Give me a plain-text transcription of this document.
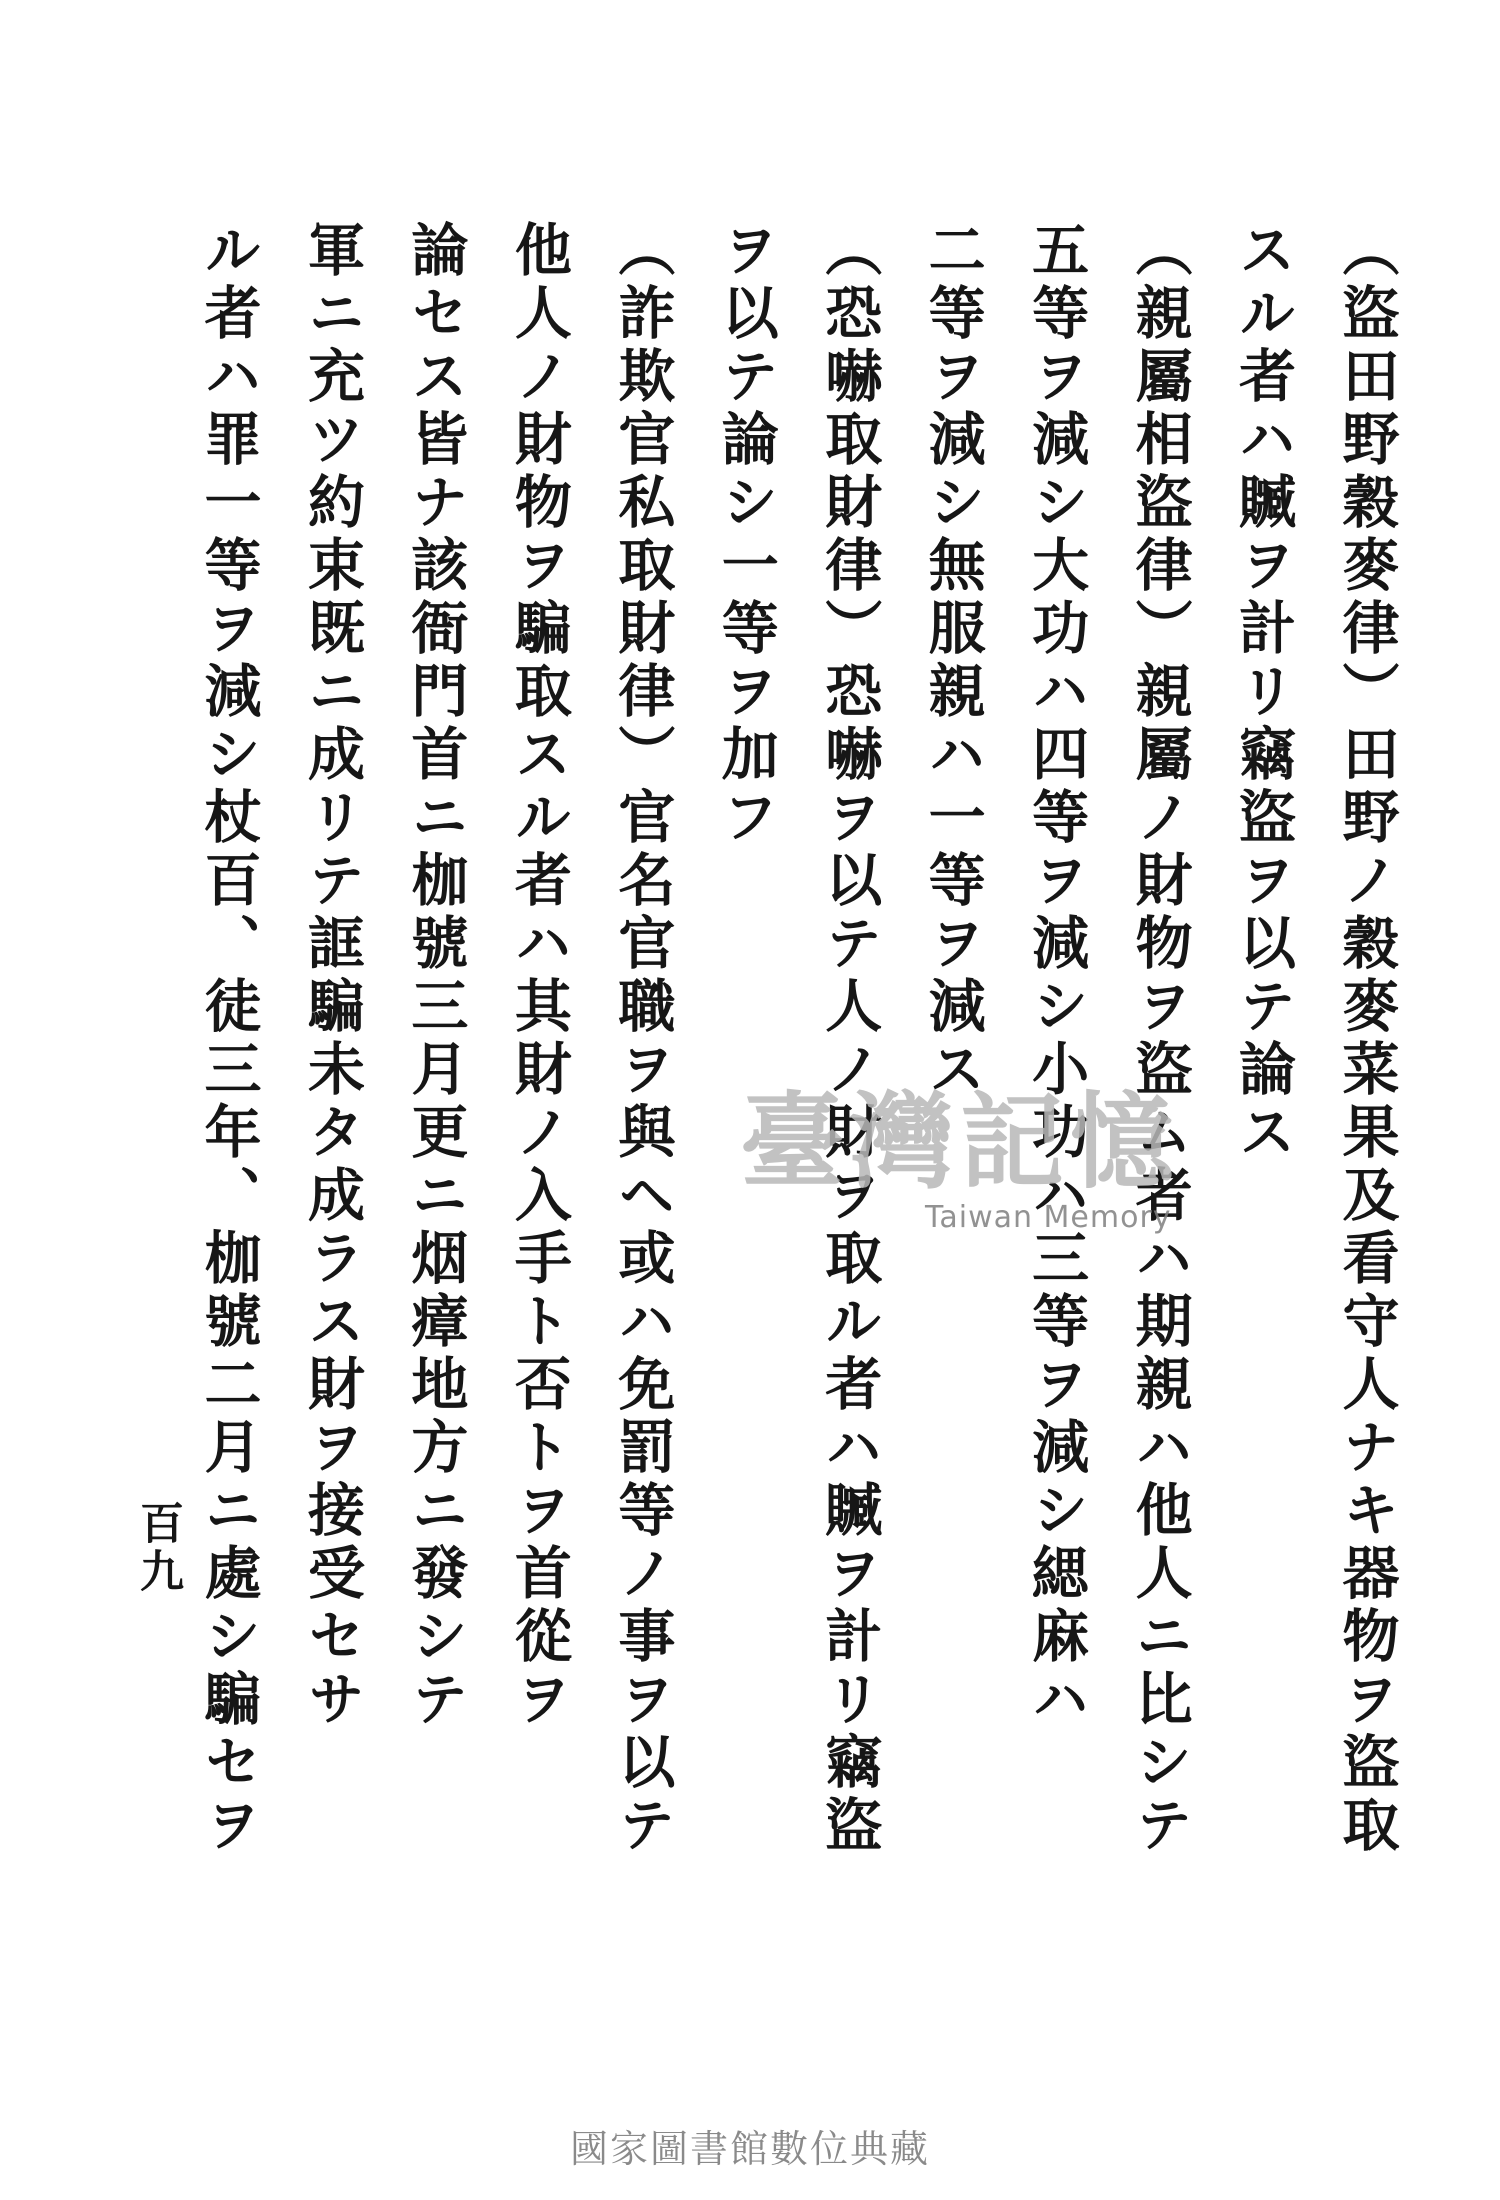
（盜田野穀麥律）田野ノ穀麥菜果及看守人ナキ器物ヲ盜取
スル者ハ贓ヲ計リ竊盜ヲ以テ論ス
（親屬相盜律）親屬ノ財物ヲ盜ム者ハ期親ハ他人ニ比シテ
五等ヲ減シ大功ハ四等ヲ減シ小功ハ三等ヲ減シ緦麻ハ
二等ヲ減シ無服親ハ一等ヲ減ス
（恐嚇取財律）恐嚇ヲ以テ人ノ財ヲ取ル者ハ贓ヲ計リ竊盜
ヲ以テ論シ一等ヲ加フ
（詐欺官私取財律）官名官職ヲ與ヘ或ハ免罰等ノ事ヲ以テ
他人ノ財物ヲ騙取スル者ハ其財ノ入手ト否トヲ首從ヲ
論セス皆ナ該衙門首ニ枷號三月更ニ烟瘴地方ニ發シテ
軍ニ充ツ約束既ニ成リテ誆騙未タ成ラス財ヲ接受セサ
ル者ハ罪一等ヲ減シ杖百、徒三年、枷號二月ニ處シ騙セヲ
百九
臺灣記憶
Taiwan Memory
國家圖書館數位典藏
